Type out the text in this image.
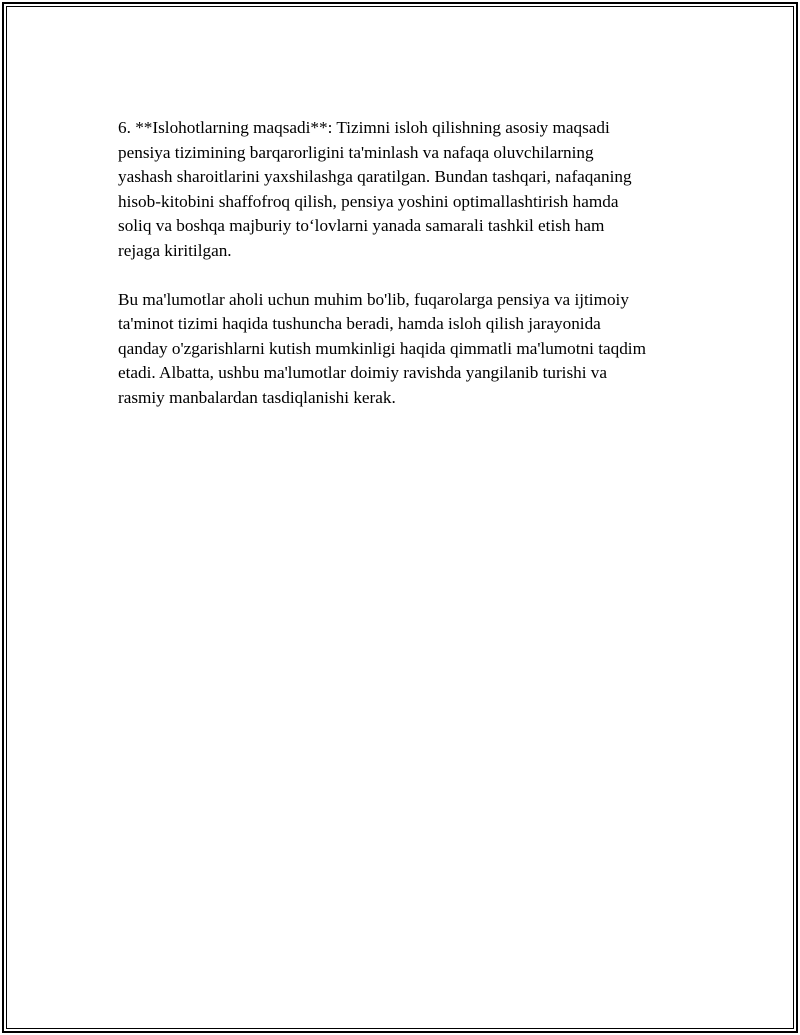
6. **Islohotlarning maqsadi**: Tizimni isloh qilishning asosiy maqsadi
pensiya tizimining barqarorligini ta'minlash va nafaqa oluvchilarning
yashash sharoitlarini yaxshilashga qaratilgan. Bundan tashqari, nafaqaning
hisob-kitobini shaffofroq qilish, pensiya yoshini optimallashtirish hamda
soliq va boshqa majburiy to‘lovlarni yanada samarali tashkil etish ham
rejaga kiritilgan.

Bu ma'lumotlar aholi uchun muhim bo'lib, fuqarolarga pensiya va ijtimoiy
ta'minot tizimi haqida tushuncha beradi, hamda isloh qilish jarayonida
qanday o'zgarishlarni kutish mumkinligi haqida qimmatli ma'lumotni taqdim
etadi. Albatta, ushbu ma'lumotlar doimiy ravishda yangilanib turishi va
rasmiy manbalardan tasdiqlanishi kerak.
